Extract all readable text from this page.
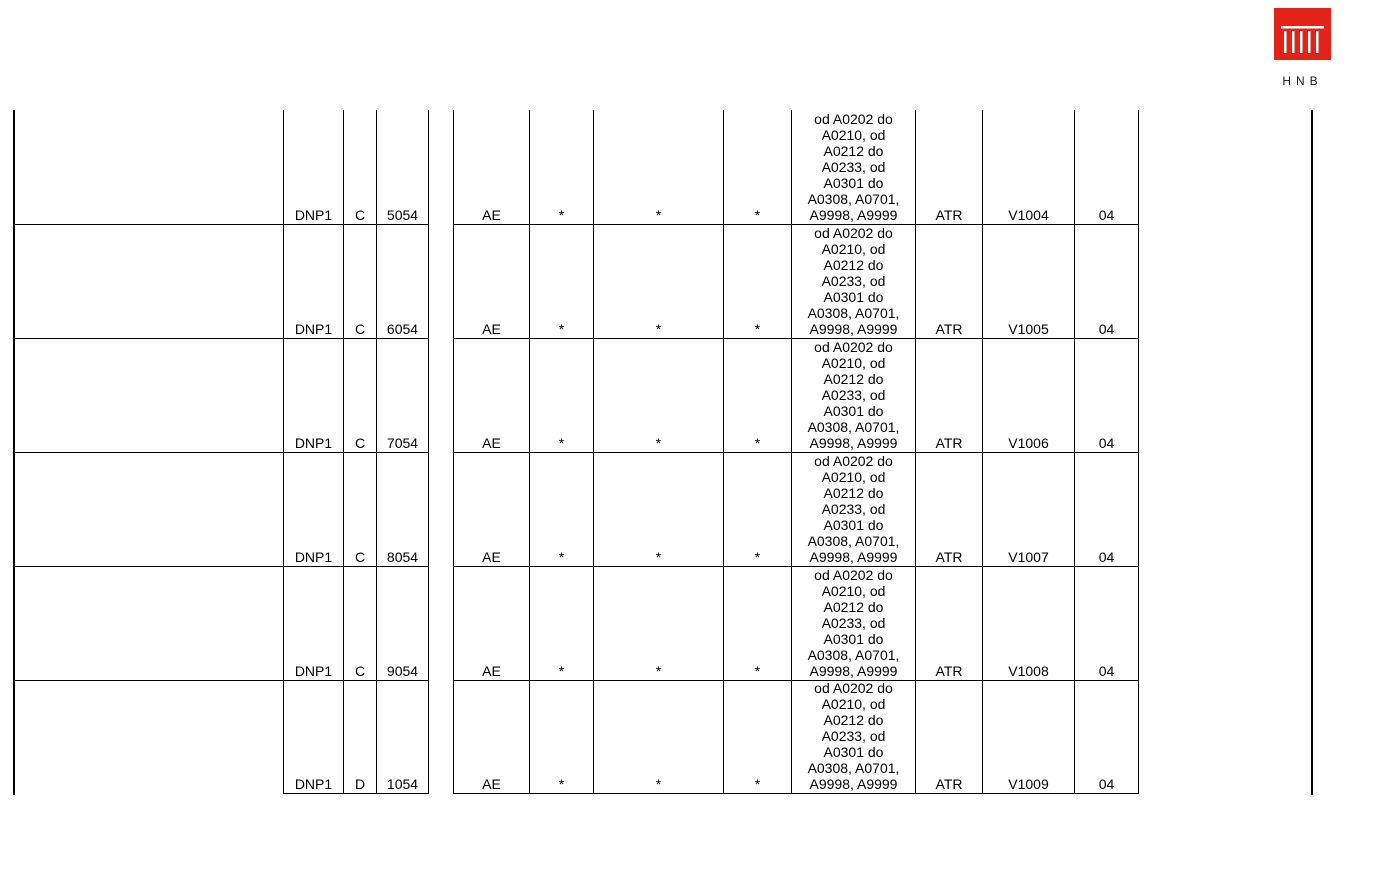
HNB
DNP1	C	5054	AE	*	*	*
od A0202 do
A0210, od
A0212 do
A0233, od
A0301 do
A0308, A0701,
A9998, A9999	ATR	V1004	04
DNP1	C	6054	AE	*	*	*
od A0202 do
A0210, od
A0212 do
A0233, od
A0301 do
A0308, A0701,
A9998, A9999	ATR	V1005	04
DNP1	C	7054	AE	*	*	*
od A0202 do
A0210, od
A0212 do
A0233, od
A0301 do
A0308, A0701,
A9998, A9999	ATR	V1006	04
DNP1	C	8054	AE	*	*	*
od A0202 do
A0210, od
A0212 do
A0233, od
A0301 do
A0308, A0701,
A9998, A9999	ATR	V1007	04
DNP1	C	9054	AE	*	*	*
od A0202 do
A0210, od
A0212 do
A0233, od
A0301 do
A0308, A0701,
A9998, A9999	ATR	V1008	04
DNP1	D	1054	AE	*	*	*
od A0202 do
A0210, od
A0212 do
A0233, od
A0301 do
A0308, A0701,
A9998, A9999	ATR	V1009	04
